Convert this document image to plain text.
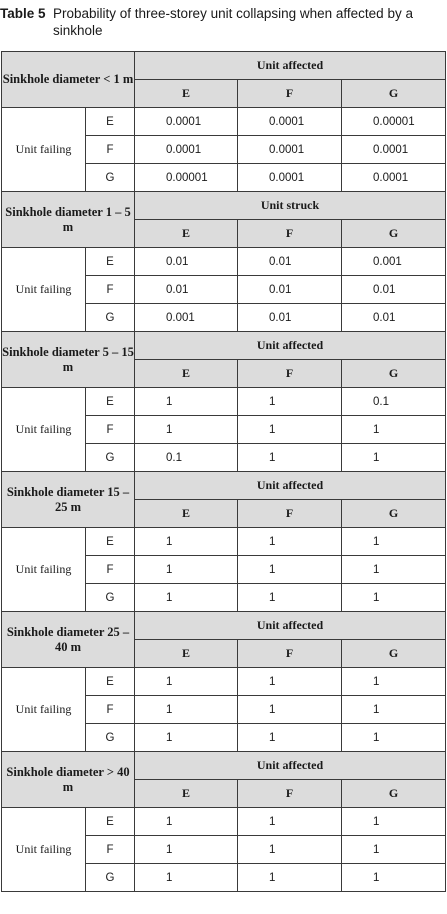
Table 5 Probability of three-storey unit collapsing when affected by a sinkhole
Sinkhole diameter < 1 m		Unit affected		
		E	F	G
Unit failing	E	0.0001	0.0001	0.00001
	F	0.0001	0.0001	0.0001
	G	0.00001	0.0001	0.0001
Sinkhole diameter 1 – 5 m		Unit struck		
		E	F	G
Unit failing	E	0.01	0.01	0.001
	F	0.01	0.01	0.01
	G	0.001	0.01	0.01
Sinkhole diameter 5 – 15 m		Unit affected		
		E	F	G
Unit failing	E	1	1	0.1
	F	1	1	1
	G	0.1	1	1
Sinkhole diameter 15 – 25 m		Unit affected		
		E	F	G
Unit failing	E	1	1	1
	F	1	1	1
	G	1	1	1
Sinkhole diameter 25 – 40 m		Unit affected		
		E	F	G
Unit failing	E	1	1	1
	F	1	1	1
	G	1	1	1
Sinkhole diameter > 40 m		Unit affected		
		E	F	G
Unit failing	E	1	1	1
	F	1	1	1
	G	1	1	1
